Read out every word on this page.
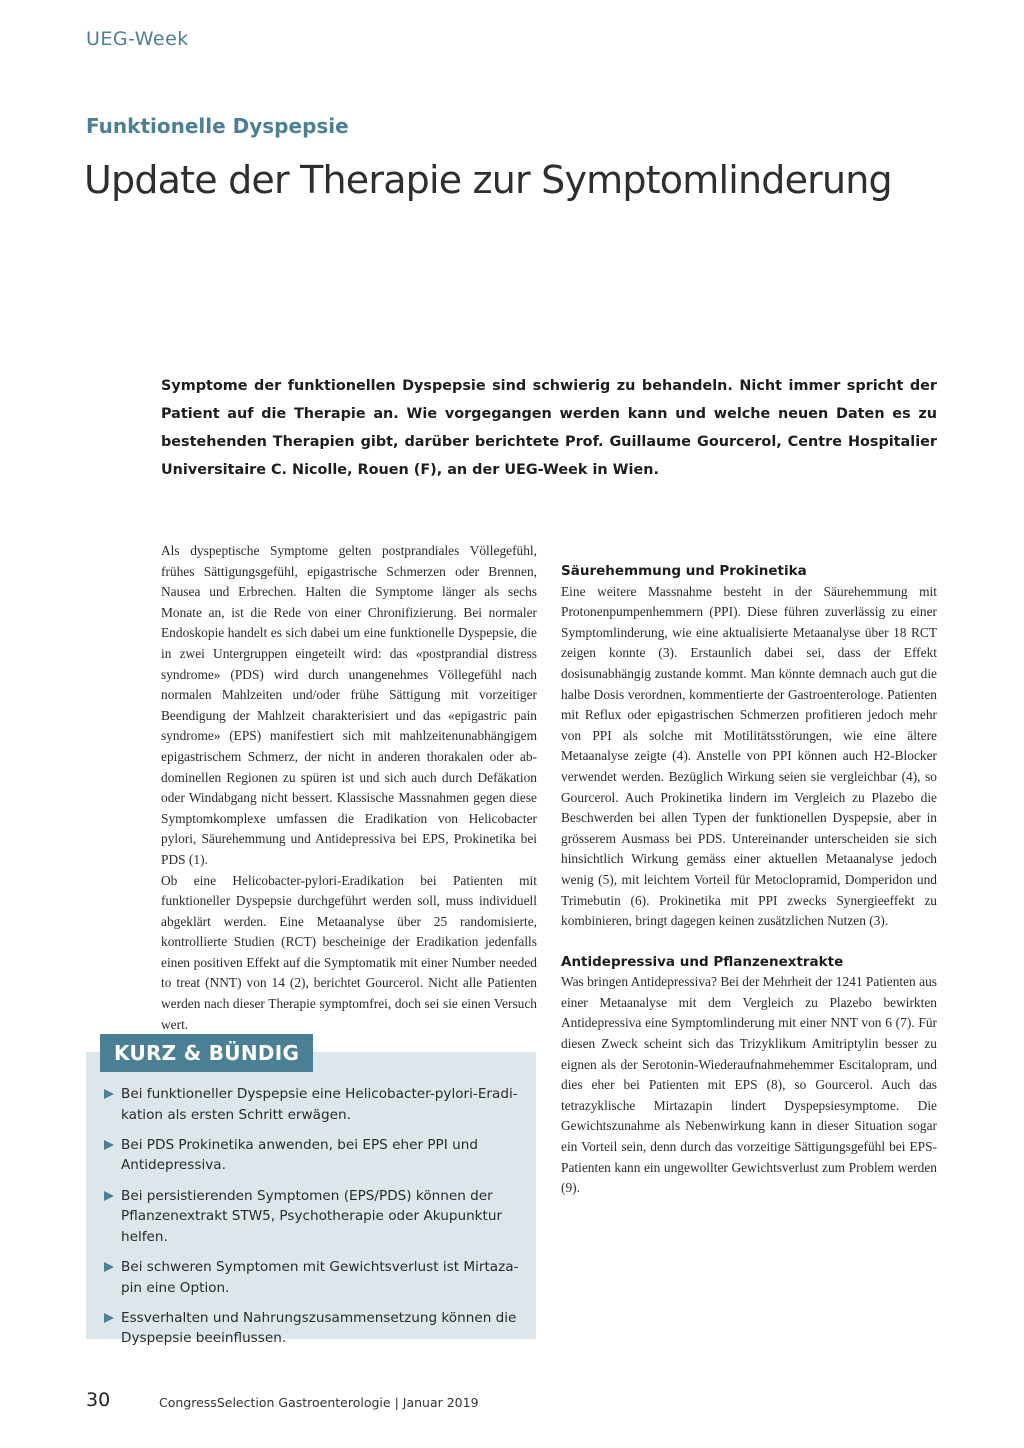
UEG-Week
Funktionelle Dyspepsie
Update der Therapie zur Symptomlinderung

Symptome der funktionellen Dyspepsie sind schwierig zu behandeln. Nicht immer spricht der Patient auf die Therapie an. Wie vorgegangen werden kann und welche neuen Daten es zu bestehenden Therapien gibt, darüber berichtete Prof. Guillaume Gourcerol, Centre Hospitalier Universitaire C. Nicolle, Rouen (F), an der UEG-Week in Wien.

Als dyspeptische Symptome gelten postprandiales Völlegefühl, frühes Sättigungsgefühl, epigastrische Schmerzen oder Brennen, Nausea und Erbrechen. Halten die Symptome länger als sechs Monate an, ist die Rede von einer Chronifizierung. Bei normaler Endoskopie handelt es sich dabei um eine funktionelle Dyspepsie, die in zwei Untergruppen eingeteilt wird: das «postprandial distress syndrome» (PDS) wird durch unangenehmes Völlegefühl nach normalen Mahlzeiten und/oder frühe Sättigung mit vorzeitiger Beendigung der Mahlzeit charakterisiert und das «epigastric pain syndrome» (EPS) manifestiert sich mit mahlzeitenunabhängigem epigastrischem Schmerz, der nicht in anderen thorakalen oder abdominellen Regionen zu spüren ist und sich auch durch Defäkation oder Windabgang nicht bessert. Klassische Massnahmen gegen diese Symptomkomplexe umfassen die Eradikation von Helicobacter pylori, Säurehemmung und Antidepressiva bei EPS, Prokinetika bei PDS (1).

Ob eine Helicobacter-pylori-Eradikation bei Patienten mit funktioneller Dyspepsie durchgeführt werden soll, muss individuell abgeklärt werden. Eine Metaanalyse über 25 randomisierte, kontrollierte Studien (RCT) bescheinige der Eradikation jedenfalls einen positiven Effekt auf die Symptomatik mit einer Number needed to treat (NNT) von 14 (2), berichtet Gourcerol. Nicht alle Patienten werden nach dieser Therapie symptomfrei, doch sei sie einen Versuch wert.

Säurehemmung und Prokinetika

Eine weitere Massnahme besteht in der Säurehemmung mit Protonenpumpenhemmern (PPI). Diese führen zuverlässig zu einer Symptomlinderung, wie eine aktualisierte Metaanalyse über 18 RCT zeigen konnte (3). Erstaunlich dabei sei, dass der Effekt dosisunabhängig zustande kommt. Man könnte demnach auch gut die halbe Dosis verordnen, kommentierte der Gastroenterologe. Patienten mit Reflux oder epigastrischen Schmerzen profitieren jedoch mehr von PPI als solche mit Motilitätsstörungen, wie eine ältere Metaanalyse zeigte (4). Anstelle von PPI können auch H2-Blocker verwendet werden. Bezüglich Wirkung seien sie vergleichbar (4), so Gourcerol. Auch Prokinetika lindern im Vergleich zu Plazebo die Beschwerden bei allen Typen der funktionellen Dyspepsie, aber in grösserem Ausmass bei PDS. Untereinander unterscheiden sie sich hinsichtlich Wirkung gemäss einer aktuellen Metaanalyse jedoch wenig (5), mit leichtem Vorteil für Metoclopramid, Domperidon und Trimebutin (6). Prokinetika mit PPI zwecks Synergieeffekt zu kombinieren, bringt dagegen keinen zusätzlichen Nutzen (3).

Antidepressiva und Pflanzenextrakte

Was bringen Antidepressiva? Bei der Mehrheit der 1241 Patienten aus einer Metaanalyse mit dem Vergleich zu Plazebo bewirkten Antidepressiva eine Symptomlinderung mit einer NNT von 6 (7). Für diesen Zweck scheint sich das Trizyklikum Amitriptylin besser zu eignen als der Serotonin-Wiederaufnahmehemmer Escitalopram, und dies eher bei Patienten mit EPS (8), so Gourcerol. Auch das tetrazyklische Mirtazapin lindert Dyspepsiesymptome. Die Gewichtszunahme als Nebenwirkung kann in dieser Situation sogar ein Vorteil sein, denn durch das vorzeitige Sättigungsgefühl bei EPS-Patienten kann ein ungewollter Gewichtsverlust zum Problem werden (9).

KURZ & BÜNDIG
Bei funktioneller Dyspepsie eine Helicobacter-pylori-Eradikation als ersten Schritt erwägen.
Bei PDS Prokinetika anwenden, bei EPS eher PPI und Antidepressiva.
Bei persistierenden Symptomen (EPS/PDS) können der Pflanzenextrakt STW5, Psychotherapie oder Akupunktur helfen.
Bei schweren Symptomen mit Gewichtsverlust ist Mirtazapin eine Option.
Essverhalten und Nahrungszusammensetzung können die Dyspepsie beeinflussen.
30	CongressSelection Gastroenterologie | Januar 2019
